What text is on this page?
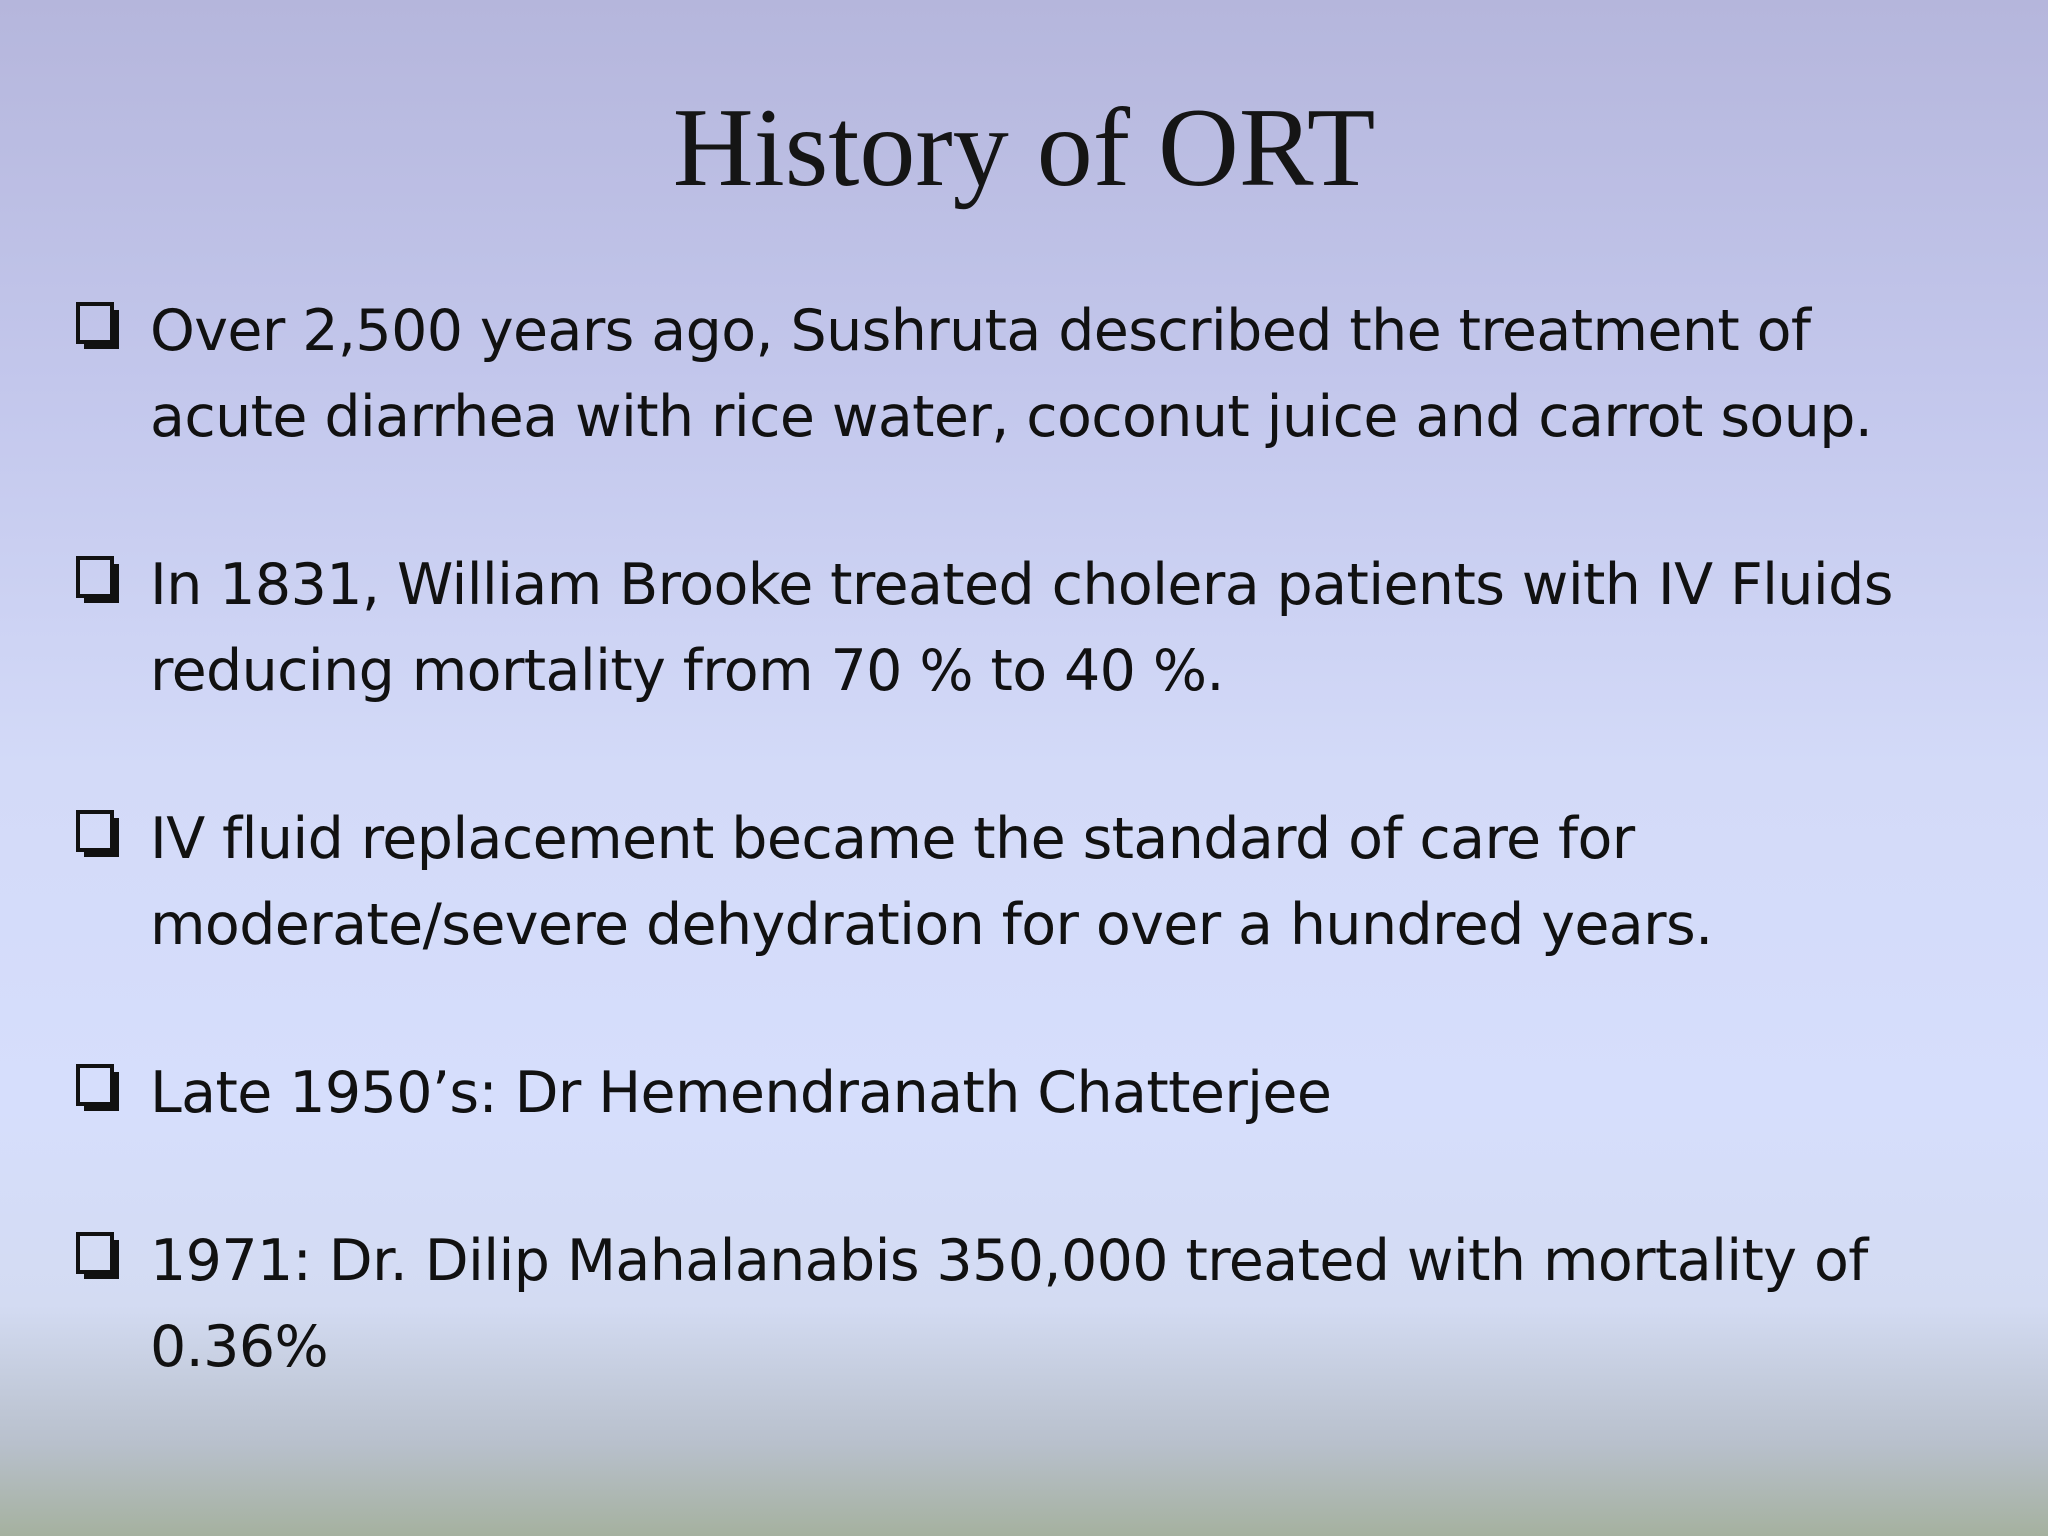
History of ORT
Over 2,500 years ago, Sushruta described the treatment of
acute diarrhea with rice water, coconut juice and carrot soup.
In 1831, William Brooke treated cholera patients with IV Fluids
reducing mortality from 70 % to 40 %.
IV fluid replacement became the standard of care for
moderate/severe dehydration for over a hundred years.
Late 1950’s: Dr Hemendranath Chatterjee
1971: Dr. Dilip Mahalanabis 350,000 treated with mortality of
0.36%
